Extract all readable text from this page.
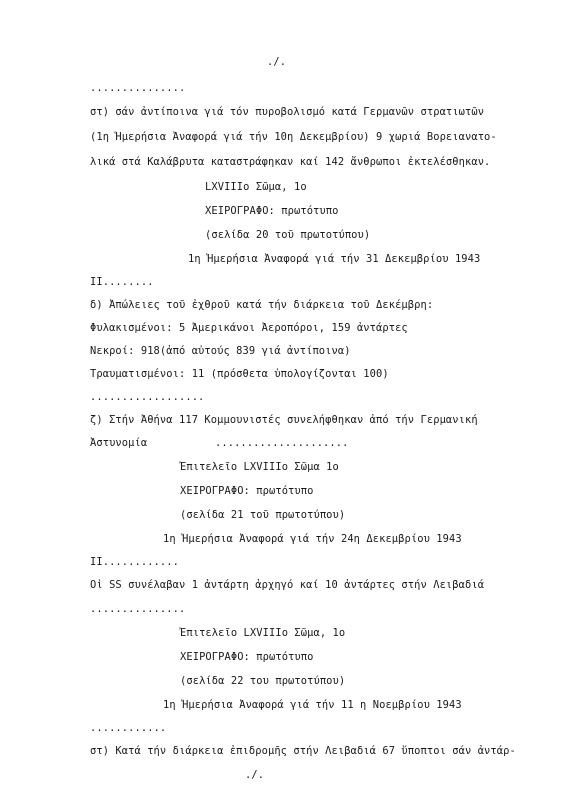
./.
...............
στ) σάν ἀντίποινα γιά τόν πυροβολισμό κατά Γερμανῶν στρατιωτῶν
(1η Ἡμερήσια Ἀναφορά γιά τήν 10η Δεκεμβρίου) 9 χωριά Βορειανατο-
λικά στά Καλάβρυτα καταστράφηκαν καί 142 ἄνθρωποι ἐκτελέσθηκαν.
LXVIIIο Σῶμα, 1ο
ΧΕΙΡΟΓΡΑΦΟ: πρωτότυπο
(σελίδα 20 τοῦ πρωτοτύπου)
1η Ἡμερήσια Ἀναφορά γιά τήν 31 Δεκεμβρίου 1943
II........
δ) Ἀπώλειες τοῦ ἐχθροῦ κατά τήν διάρκεια τοῦ Δεκέμβρη:
Φυλακισμένοι: 5 Ἀμερικάνοι Ἀεροπόροι, 159 ἀντάρτες
Νεκροί: 918(ἀπό αὐτούς 839 γιά ἀντίποινα)
Τραυματισμένοι: 11 (πρόσθετα ὑπολογίζονται 100)
..................
ζ) Στήν Ἀθήνα 117 Κομμουνιστές συνελήφθηκαν ἀπό τήν Γερμανική
Ἀστυνομία	.....................
Ἐπιτελεῖο LXVIIIο Σῶμα 1ο
ΧΕΙΡΟΓΡΑΦΟ: πρωτότυπο
(σελίδα 21 τοῦ πρωτοτύπου)
1η Ἡμερήσια Ἀναφορά γιά τήν 24η Δεκεμβρίου 1943
II............
Οἱ SS συνέλαβαν 1 ἀντάρτη ἀρχηγό καί 10 ἀντάρτες στήν Λειβαδιά
...............
Ἐπιτελεῖο LXVIIIο Σῶμα, 1ο
ΧΕΙΡΟΓΡΑΦΟ: πρωτότυπο
(σελίδα 22 του πρωτοτύπου)
1η Ἡμερήσια Ἀναφορά γιά τήν 11 η Νοεμβρίου 1943
............
στ) Κατά τήν διάρκεια ἐπιδρομῆς στήν Λειβαδιά 67 ὕποπτοι σάν ἀντάρ-
./.
